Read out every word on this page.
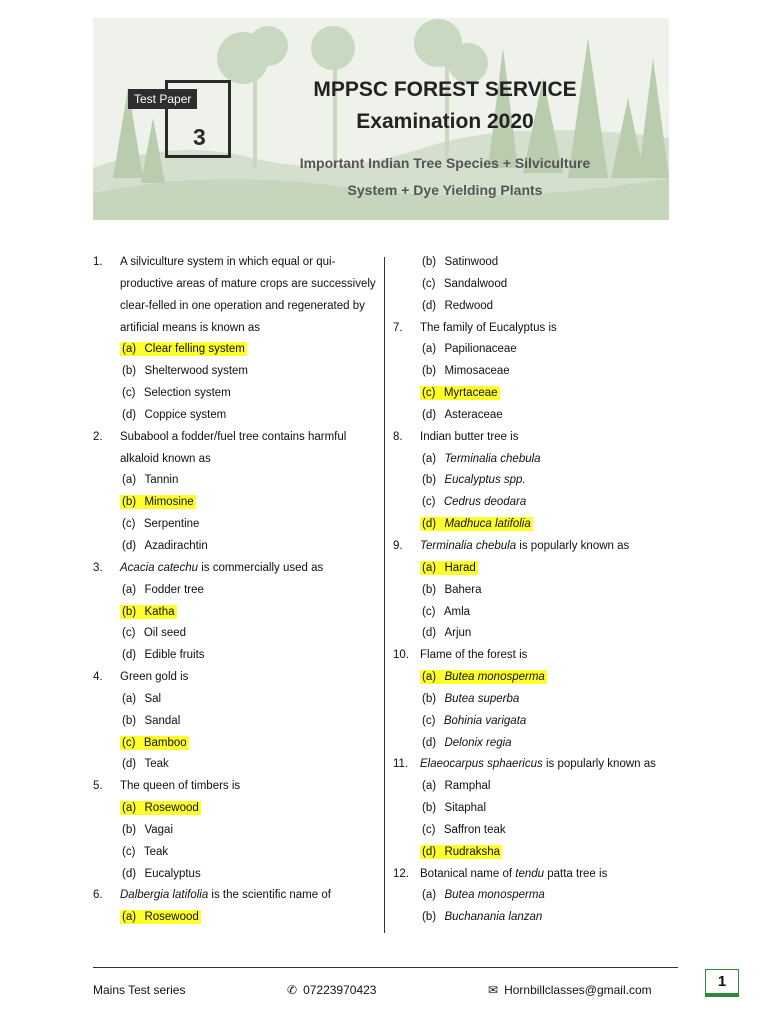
Test Paper
3
MPPSC FOREST SERVICE
Examination 2020
Important Indian Tree Species + Silviculture
System + Dye Yielding Plants
1.	A silviculture system in which equal or qui-productive areas of mature crops are successively clear-felled in one operation and regenerated by artificial means is known as
(a) Clear felling system
(b) Shelterwood system
(c) Selection system
(d) Coppice system
2.	Subabool a fodder/fuel tree contains harmful alkaloid known as
(a) Tannin
(b) Mimosine
(c) Serpentine
(d) Azadirachtin
3.	Acacia catechu is commercially used as
(a) Fodder tree
(b) Katha
(c) Oil seed
(d) Edible fruits
4.	Green gold is
(a) Sal
(b) Sandal
(c) Bamboo
(d) Teak
5.	The queen of timbers is
(a) Rosewood
(b) Vagai
(c) Teak
(d) Eucalyptus
6.	Dalbergia latifolia is the scientific name of
(a) Rosewood
(b) Satinwood
(c) Sandalwood
(d) Redwood
7.	The family of Eucalyptus is
(a) Papilionaceae
(b) Mimosaceae
(c) Myrtaceae
(d) Asteraceae
8.	Indian butter tree is
(a) Terminalia chebula
(b) Eucalyptus spp.
(c) Cedrus deodara
(d) Madhuca latifolia
9.	Terminalia chebula is popularly known as
(a) Harad
(b) Bahera
(c) Amla
(d) Arjun
10. Flame of the forest is
(a) Butea monosperma
(b) Butea superba
(c) Bohinia varigata
(d) Delonix regia
11.	Elaeocarpus sphaericus is popularly known as
(a) Ramphal
(b) Sitaphal
(c) Saffron teak
(d) Rudraksha
12. Botanical name of tendu patta tree is
(a) Butea monosperma
(b) Buchanania lanzan
Mains Test series	✆ 07223970423	✉ Hornbillclasses@gmail.com	1
